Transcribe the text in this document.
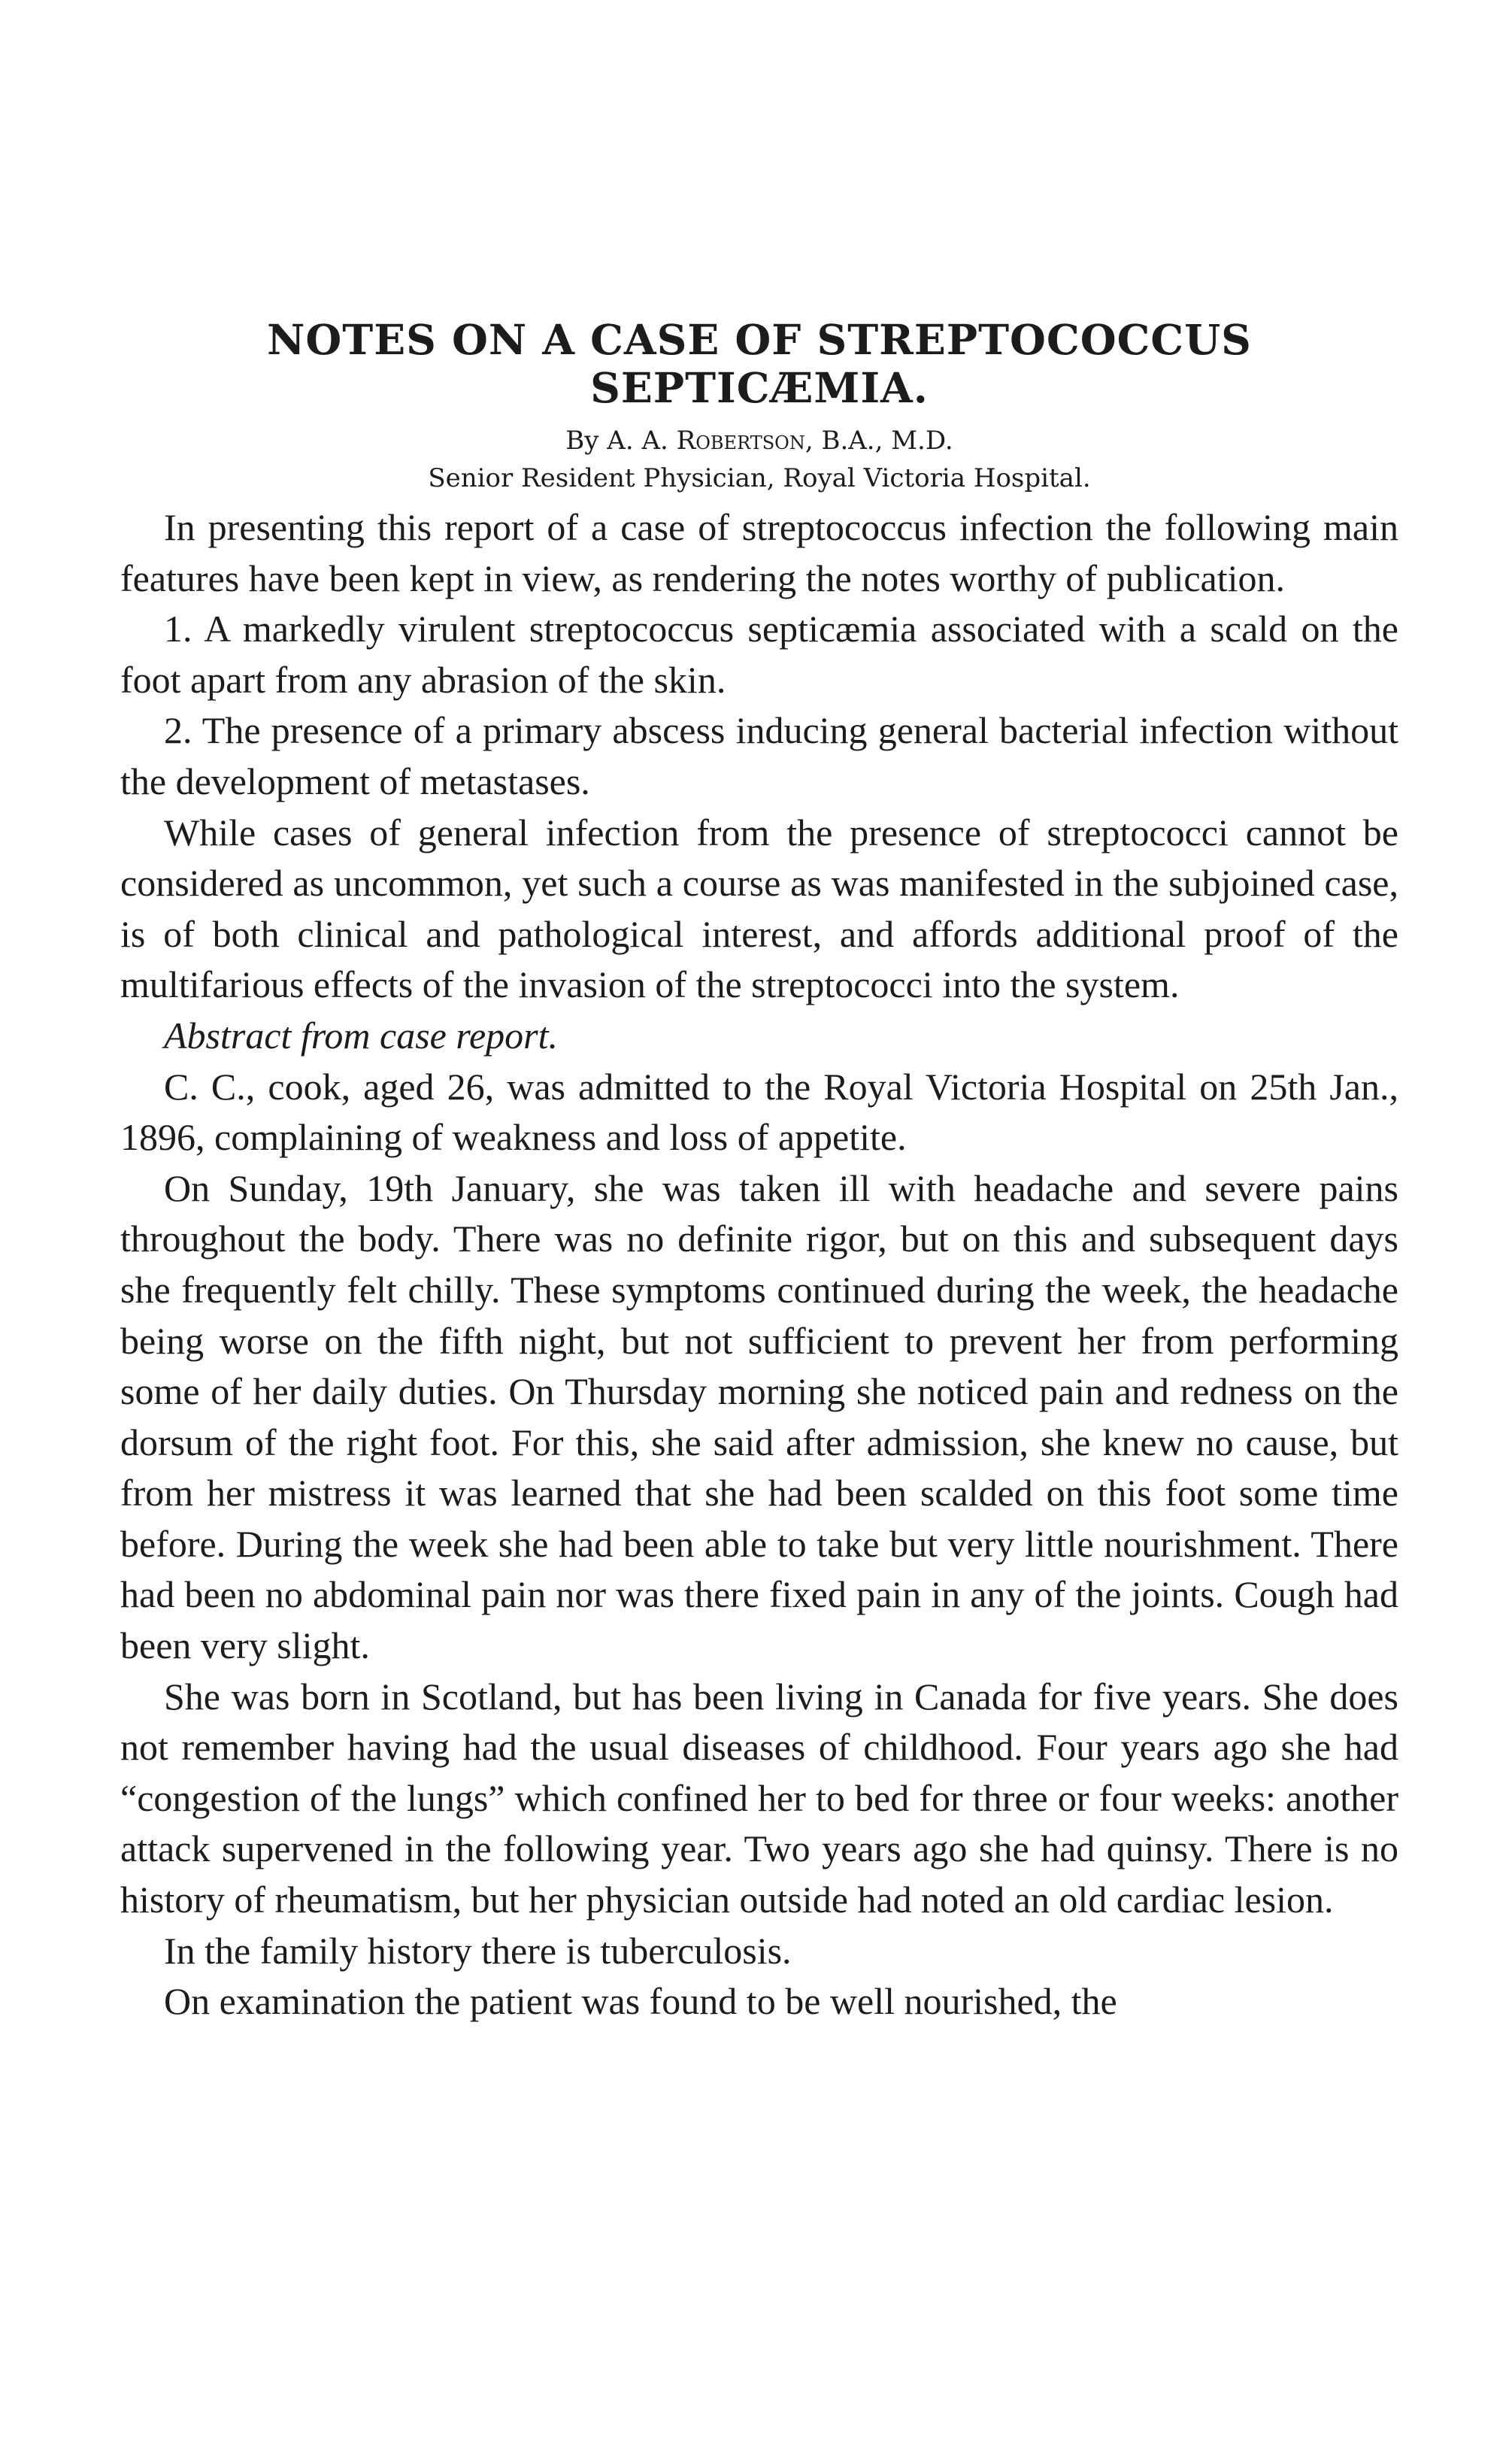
NOTES ON A CASE OF STREPTOCOCCUS SEPTICÆMIA.

By A. A. Robertson, B.A., M.D.

Senior Resident Physician, Royal Victoria Hospital.

In presenting this report of a case of streptococcus infection the following main features have been kept in view, as rendering the notes worthy of publication.

1. A markedly virulent streptococcus septicæmia associated with a scald on the foot apart from any abrasion of the skin.

2. The presence of a primary abscess inducing general bacterial infection without the development of metastases.

While cases of general infection from the presence of streptococci cannot be considered as uncommon, yet such a course as was manifested in the subjoined case, is of both clinical and pathological interest, and affords additional proof of the multifarious effects of the invasion of the streptococci into the system.

Abstract from case report.

C. C., cook, aged 26, was admitted to the Royal Victoria Hospital on 25th Jan., 1896, complaining of weakness and loss of appetite.

On Sunday, 19th January, she was taken ill with headache and severe pains throughout the body. There was no definite rigor, but on this and subsequent days she frequently felt chilly. These symptoms continued during the week, the headache being worse on the fifth night, but not sufficient to prevent her from performing some of her daily duties. On Thursday morning she noticed pain and redness on the dorsum of the right foot. For this, she said after admission, she knew no cause, but from her mistress it was learned that she had been scalded on this foot some time before. During the week she had been able to take but very little nourishment. There had been no abdominal pain nor was there fixed pain in any of the joints. Cough had been very slight.

She was born in Scotland, but has been living in Canada for five years. She does not remember having had the usual diseases of childhood. Four years ago she had “congestion of the lungs” which confined her to bed for three or four weeks: another attack supervened in the following year. Two years ago she had quinsy. There is no history of rheumatism, but her physician outside had noted an old cardiac lesion.

In the family history there is tuberculosis.

On examination the patient was found to be well nourished, the
